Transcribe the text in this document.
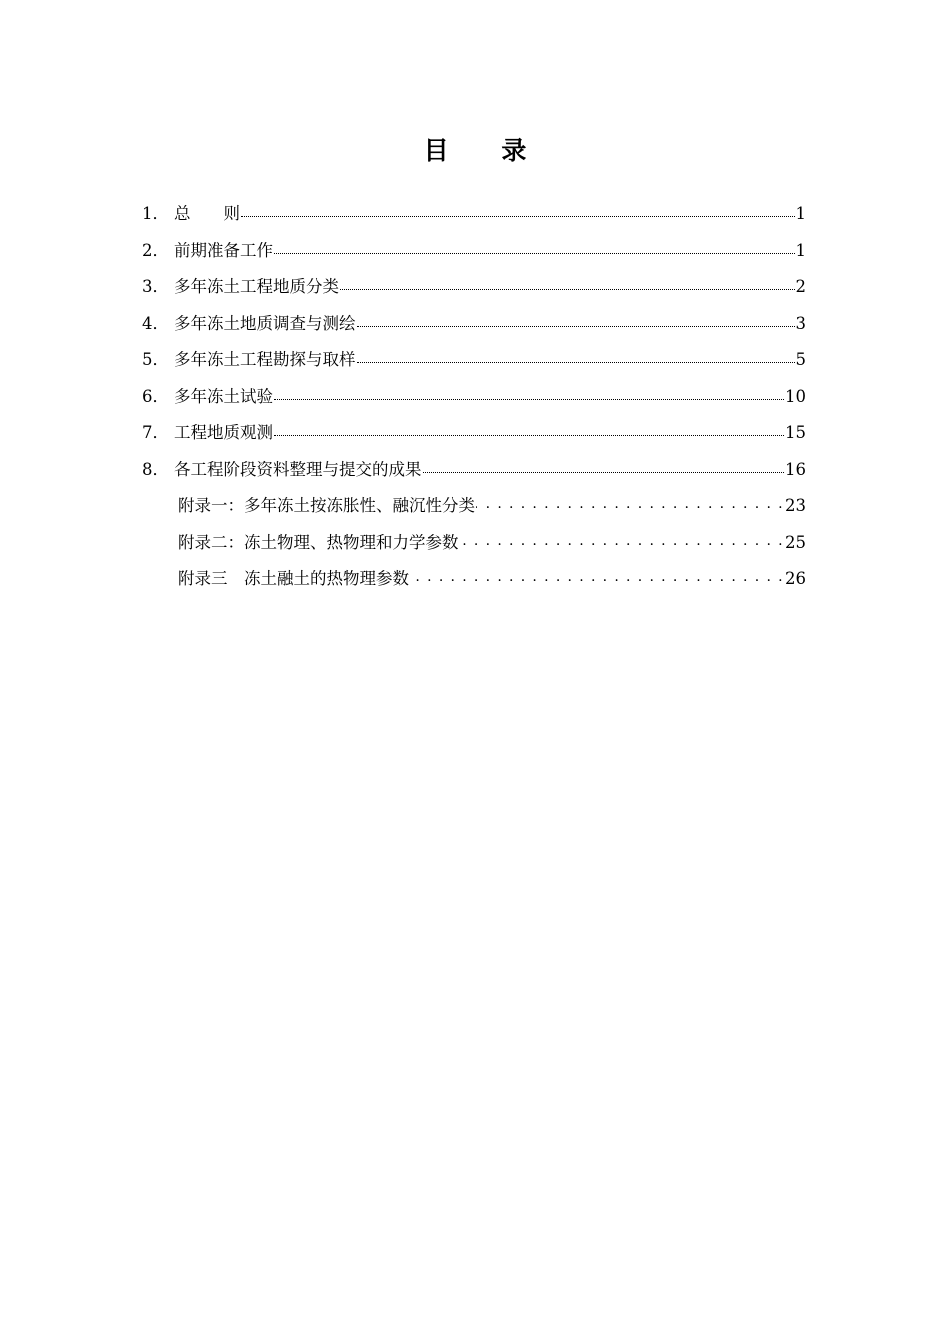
目 录
1． 总　　则	1
2． 前期准备工作	1
3． 多年冻土工程地质分类	2
4． 多年冻土地质调查与测绘	3
5． 多年冻土工程勘探与取样	5
6． 多年冻土试验	10
7． 工程地质观测	15
8． 各工程阶段资料整理与提交的成果	16
附录一：多年冻土按冻胀性、融沉性分类 . . .	23
附录二：冻土物理、热物理和力学参数 . . .	25
附录三　冻土融土的热物理参数 . . .	26
